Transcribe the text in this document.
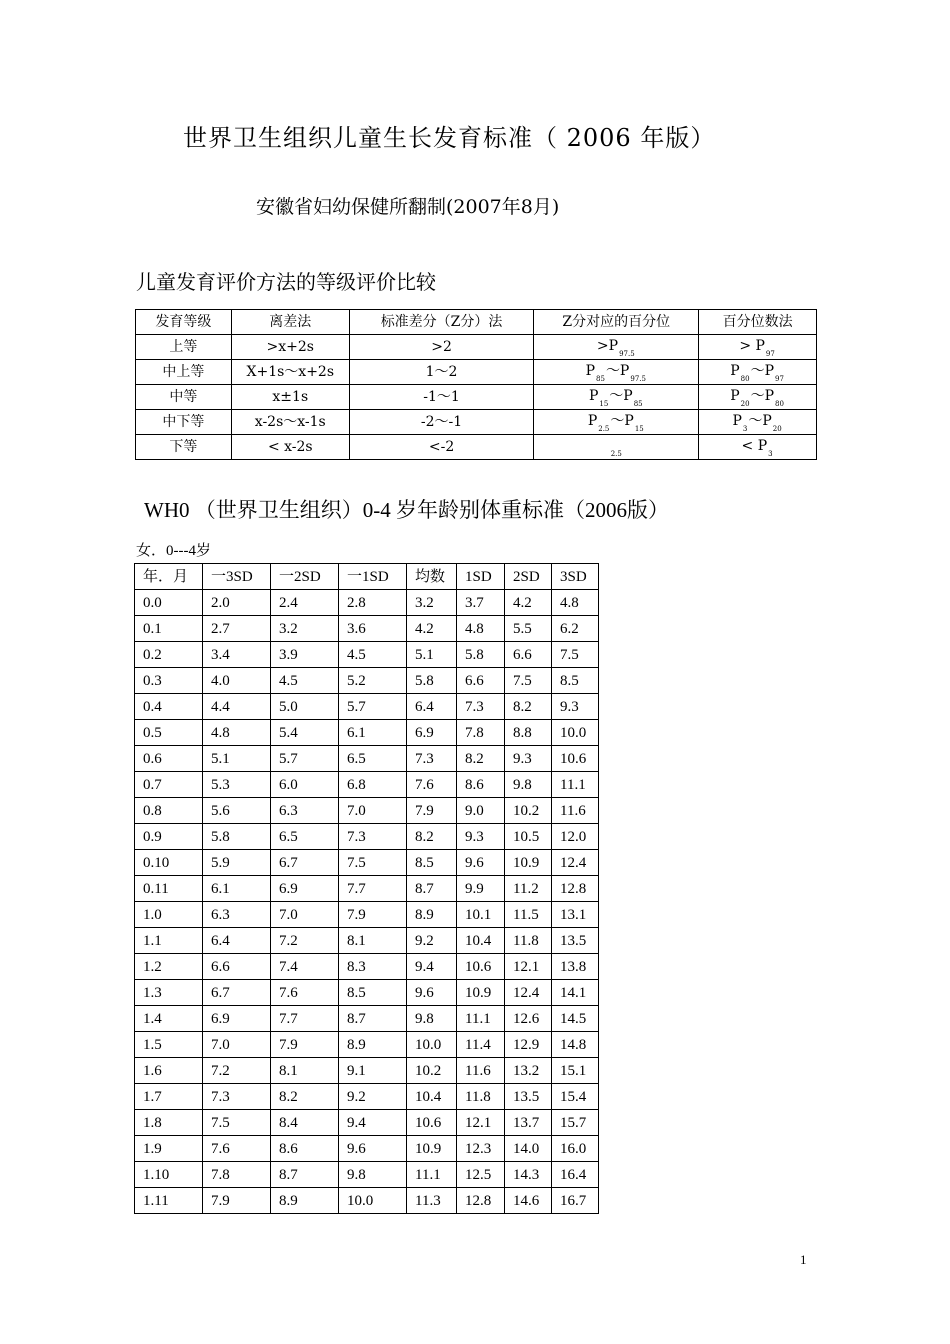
世界卫生组织儿童生长发育标准（ 2006 年版）
安徽省妇幼保健所翻制(2007年8月)
儿童发育评价方法的等级评价比较
发育等级	离差法	标准差分（Z分）法	Z分对应的百分位	百分位数法
上等	>x+2s	>2	$>P_{97.5}$	> $P_{97}$
中上等	X+1s～x+2s	1～2	$P_{85}\sim P_{97.5}$	$P_{80}\sim P_{97}$
中等	x±1s	-1～1	$P_{15}\sim P_{85}$	$P_{20}\sim P_{80}$
中下等	x-2s～x-1s	-2～-1	$P_{2.5}\sim P_{15}$	$P_3\sim P_{20}$
下等	< x-2s	<-2	$_{2.5}$	< $P_3$
WH0 （世界卫生组织）0-4 岁年龄别体重标准（2006版）
女．0---4岁
年．月	一3SD	一2SD	一1SD	均数	1SD	2SD	3SD
0.0	2.0	2.4	2.8	3.2	3.7	4.2	4.8
0.1	2.7	3.2	3.6	4.2	4.8	5.5	6.2
0.2	3.4	3.9	4.5	5.1	5.8	6.6	7.5
0.3	4.0	4.5	5.2	5.8	6.6	7.5	8.5
0.4	4.4	5.0	5.7	6.4	7.3	8.2	9.3
0.5	4.8	5.4	6.1	6.9	7.8	8.8	10.0
0.6	5.1	5.7	6.5	7.3	8.2	9.3	10.6
0.7	5.3	6.0	6.8	7.6	8.6	9.8	11.1
0.8	5.6	6.3	7.0	7.9	9.0	10.2	11.6
0.9	5.8	6.5	7.3	8.2	9.3	10.5	12.0
0.10	5.9	6.7	7.5	8.5	9.6	10.9	12.4
0.11	6.1	6.9	7.7	8.7	9.9	11.2	12.8
1.0	6.3	7.0	7.9	8.9	10.1	11.5	13.1
1.1	6.4	7.2	8.1	9.2	10.4	11.8	13.5
1.2	6.6	7.4	8.3	9.4	10.6	12.1	13.8
1.3	6.7	7.6	8.5	9.6	10.9	12.4	14.1
1.4	6.9	7.7	8.7	9.8	11.1	12.6	14.5
1.5	7.0	7.9	8.9	10.0	11.4	12.9	14.8
1.6	7.2	8.1	9.1	10.2	11.6	13.2	15.1
1.7	7.3	8.2	9.2	10.4	11.8	13.5	15.4
1.8	7.5	8.4	9.4	10.6	12.1	13.7	15.7
1.9	7.6	8.6	9.6	10.9	12.3	14.0	16.0
1.10	7.8	8.7	9.8	11.1	12.5	14.3	16.4
1.11	7.9	8.9	10.0	11.3	12.8	14.6	16.7
1
